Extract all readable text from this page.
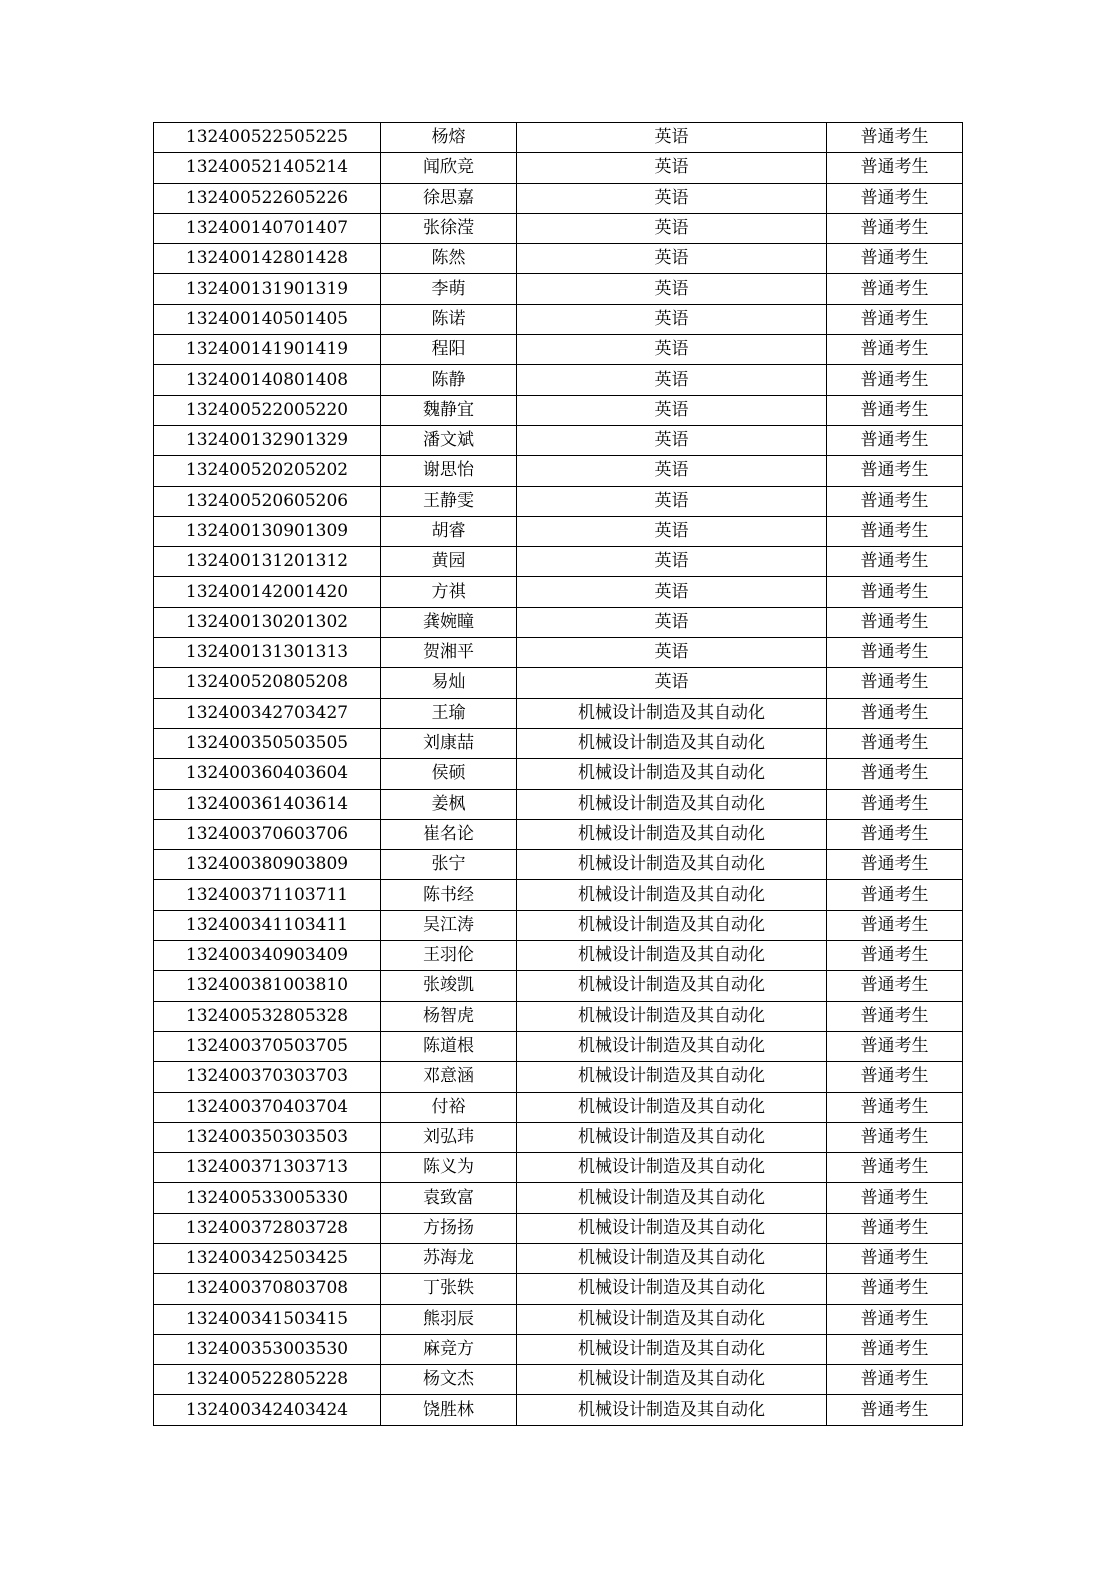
132400522505225	杨熔	英语	普通考生
132400521405214	闻欣竞	英语	普通考生
132400522605226	徐思嘉	英语	普通考生
132400140701407	张徐滢	英语	普通考生
132400142801428	陈然	英语	普通考生
132400131901319	李萌	英语	普通考生
132400140501405	陈诺	英语	普通考生
132400141901419	程阳	英语	普通考生
132400140801408	陈静	英语	普通考生
132400522005220	魏静宜	英语	普通考生
132400132901329	潘文斌	英语	普通考生
132400520205202	谢思怡	英语	普通考生
132400520605206	王静雯	英语	普通考生
132400130901309	胡睿	英语	普通考生
132400131201312	黄园	英语	普通考生
132400142001420	方祺	英语	普通考生
132400130201302	龚婉瞳	英语	普通考生
132400131301313	贺湘平	英语	普通考生
132400520805208	易灿	英语	普通考生
132400342703427	王瑜	机械设计制造及其自动化	普通考生
132400350503505	刘康喆	机械设计制造及其自动化	普通考生
132400360403604	侯硕	机械设计制造及其自动化	普通考生
132400361403614	姜枫	机械设计制造及其自动化	普通考生
132400370603706	崔名论	机械设计制造及其自动化	普通考生
132400380903809	张宁	机械设计制造及其自动化	普通考生
132400371103711	陈书经	机械设计制造及其自动化	普通考生
132400341103411	吴江涛	机械设计制造及其自动化	普通考生
132400340903409	王羽伦	机械设计制造及其自动化	普通考生
132400381003810	张竣凯	机械设计制造及其自动化	普通考生
132400532805328	杨智虎	机械设计制造及其自动化	普通考生
132400370503705	陈道根	机械设计制造及其自动化	普通考生
132400370303703	邓意涵	机械设计制造及其自动化	普通考生
132400370403704	付裕	机械设计制造及其自动化	普通考生
132400350303503	刘弘玮	机械设计制造及其自动化	普通考生
132400371303713	陈义为	机械设计制造及其自动化	普通考生
132400533005330	袁致富	机械设计制造及其自动化	普通考生
132400372803728	方扬扬	机械设计制造及其自动化	普通考生
132400342503425	苏海龙	机械设计制造及其自动化	普通考生
132400370803708	丁张轶	机械设计制造及其自动化	普通考生
132400341503415	熊羽辰	机械设计制造及其自动化	普通考生
132400353003530	麻竞方	机械设计制造及其自动化	普通考生
132400522805228	杨文杰	机械设计制造及其自动化	普通考生
132400342403424	饶胜林	机械设计制造及其自动化	普通考生
